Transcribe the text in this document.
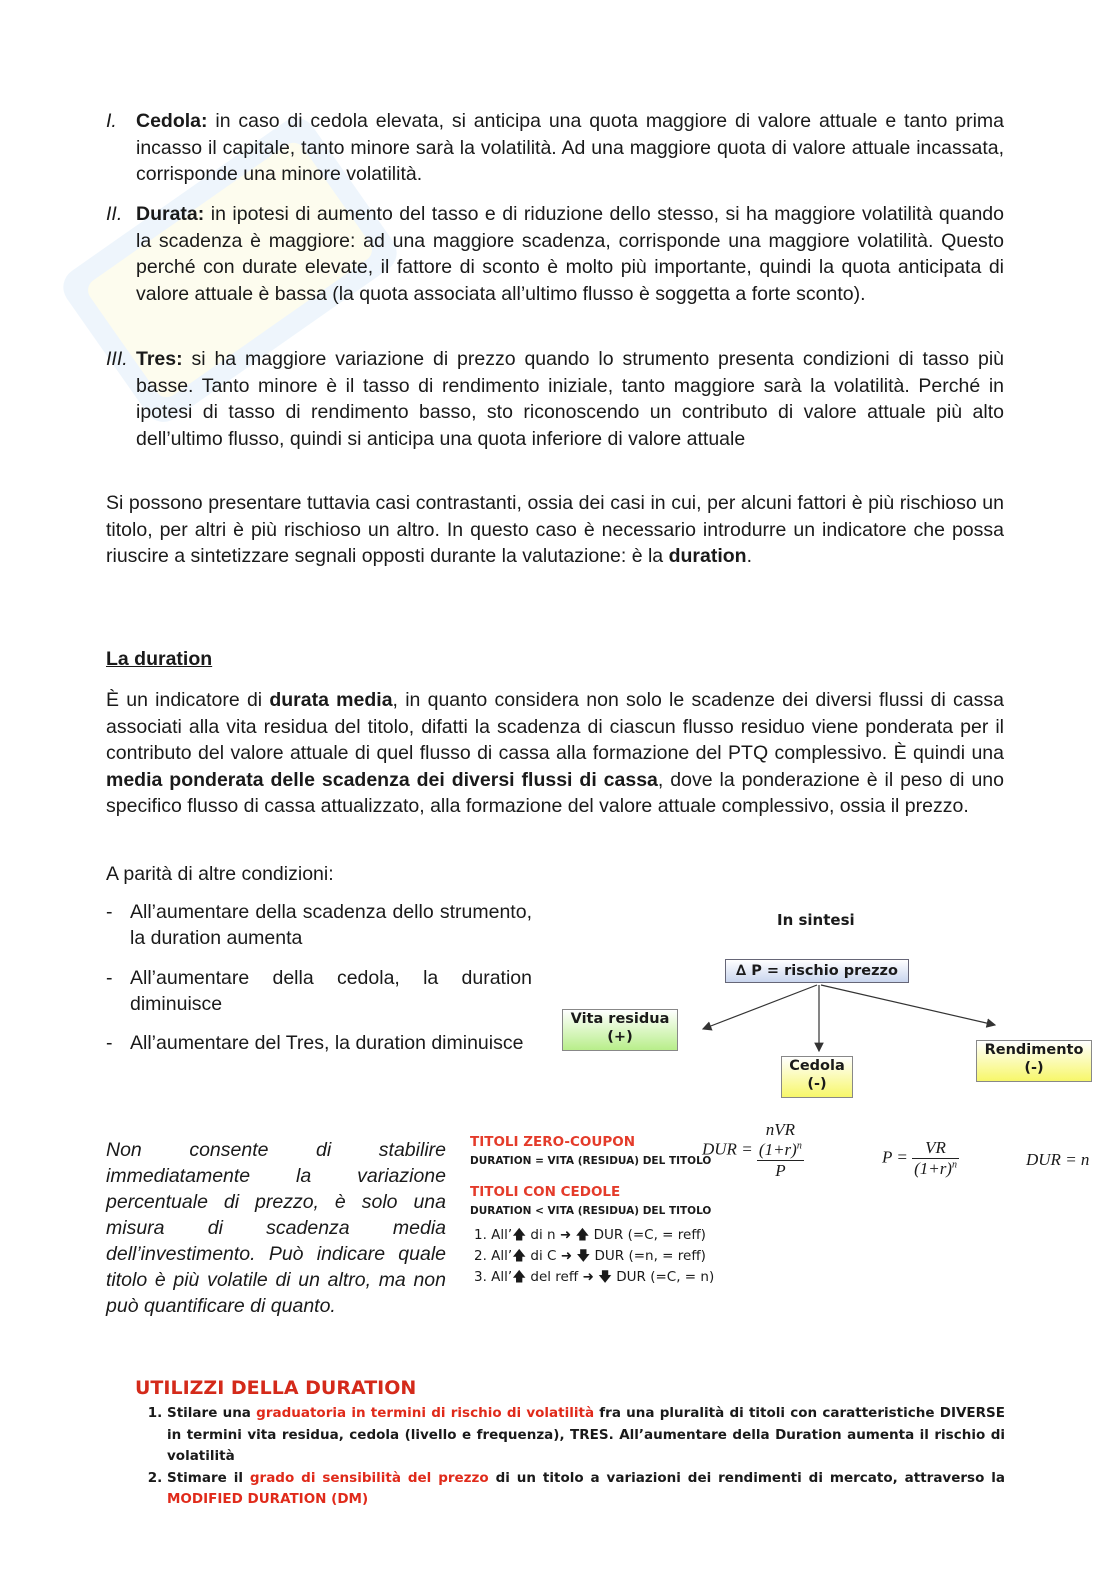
I. Cedola: in caso di cedola elevata, si anticipa una quota maggiore di valore attuale e tanto prima incasso il capitale, tanto minore sarà la volatilità. Ad una maggiore quota di valore attuale incassata, corrisponde una minore volatilità.
II. Durata: in ipotesi di aumento del tasso e di riduzione dello stesso, si ha maggiore volatilità quando la scadenza è maggiore: ad una maggiore scadenza, corrisponde una maggiore volatilità. Questo perché con durate elevate, il fattore di sconto è molto più importante, quindi la quota anticipata di valore attuale è bassa (la quota associata all’ultimo flusso è soggetta a forte sconto).
III. Tres: si ha maggiore variazione di prezzo quando lo strumento presenta condizioni di tasso più basse. Tanto minore è il tasso di rendimento iniziale, tanto maggiore sarà la volatilità. Perché in ipotesi di tasso di rendimento basso, sto riconoscendo un contributo di valore attuale più alto dell’ultimo flusso, quindi si anticipa una quota inferiore di valore attuale
Si possono presentare tuttavia casi contrastanti, ossia dei casi in cui, per alcuni fattori è più rischioso un titolo, per altri è più rischioso un altro. In questo caso è necessario introdurre un indicatore che possa riuscire a sintetizzare segnali opposti durante la valutazione: è la duration.
La duration
È un indicatore di durata media, in quanto considera non solo le scadenze dei diversi flussi di cassa associati alla vita residua del titolo, difatti la scadenza di ciascun flusso residuo viene ponderata per il contributo del valore attuale di quel flusso di cassa alla formazione del PTQ complessivo. È quindi una media ponderata delle scadenza dei diversi flussi di cassa, dove la ponderazione è il peso di uno specifico flusso di cassa attualizzato, alla formazione del valore attuale complessivo, ossia il prezzo.
A parità di altre condizioni:
- All’aumentare della scadenza dello strumento, la duration aumenta
- All’aumentare della cedola, la duration diminuisce
- All’aumentare del Tres, la duration diminuisce
In sintesi
∆ P = rischio prezzo
Vita residua
(+)
Cedola
(-)
Rendimento
(-)
Non consente di stabilire immediatamente la variazione percentuale di prezzo, è solo una misura di scadenza media dell’investimento. Può indicare quale titolo è più volatile di un altro, ma non può quantificare di quanto.
TITOLI ZERO-COUPON
DURATION = VITA (RESIDUA) DEL TITOLO
TITOLI CON CEDOLE
DURATION < VITA (RESIDUA) DEL TITOLO
1. All’🡅 di n ➜ 🡅 DUR (=C, = reff)
2. All’🡅 di C ➜ 🡇 DUR (=n, = reff)
3. All’🡅 del reff ➜ 🡇 DUR (=C, = n)
DUR =
nVR
$(1+r)^n$
P
$P = \frac{VR}{(1+r)^n}$	DUR = n
UTILIZZI DELLA DURATION
1. Stilare una graduatoria in termini di rischio di volatilità fra una pluralità di titoli con caratteristiche DIVERSE in termini vita residua, cedola (livello e frequenza), TRES. All’aumentare della Duration aumenta il rischio di volatilità
2. Stimare il grado di sensibilità del prezzo di un titolo a variazioni dei rendimenti di mercato, attraverso la MODIFIED DURATION (DM)
